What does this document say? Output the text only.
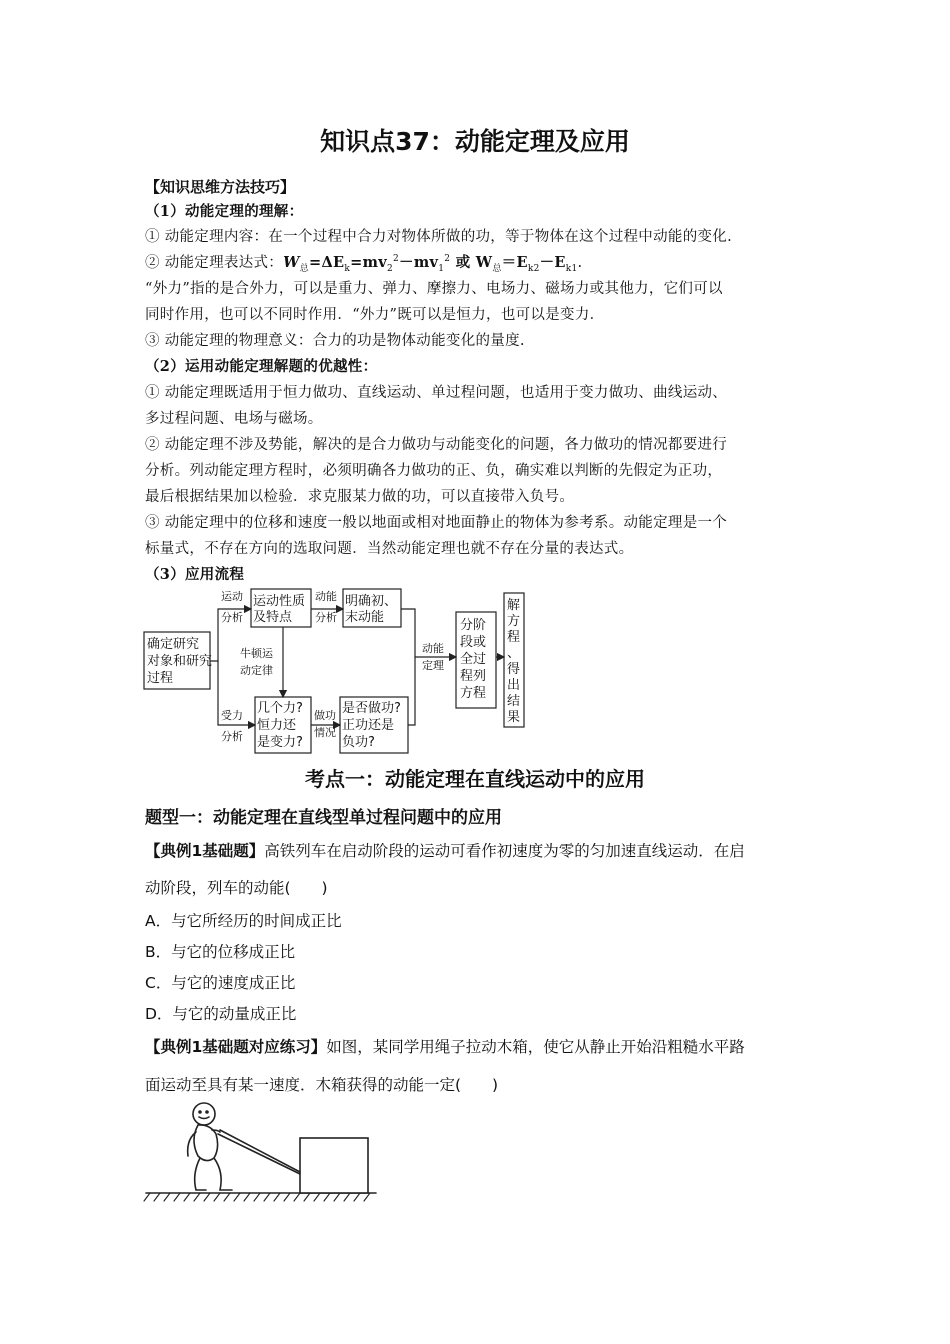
知识点37：动能定理及应用
【知识思维方法技巧】
（1）动能定理的理解：
① 动能定理内容：在一个过程中合力对物体所做的功，等于物体在这个过程中动能的变化.
② 动能定理表达式：$W_总=\Delta E_k=mv_2^2-mv_1^2$ 或 $W_总=E_{k2}-E_{k1}$.
“外力”指的是合外力，可以是重力、弹力、摩擦力、电场力、磁场力或其他力，它们可以
同时作用，也可以不同时作用．“外力”既可以是恒力，也可以是变力．
③ 动能定理的物理意义：合力的功是物体动能变化的量度.
（2）运用动能定理解题的优越性：
① 动能定理既适用于恒力做功、直线运动、单过程问题，也适用于变力做功、曲线运动、
多过程问题、电场与磁场。
② 动能定理不涉及势能，解决的是合力做功与动能变化的问题，各力做功的情况都要进行
分析。列动能定理方程时，必须明确各力做功的正、负，确实难以判断的先假定为正功，
最后根据结果加以检验．求克服某力做的功，可以直接带入负号。
③ 动能定理中的位移和速度一般以地面或相对地面静止的物体为参考系。动能定理是一个
标量式，不存在方向的选取问题．当然动能定理也就不存在分量的表达式。
（3）应用流程
确定研究
对象和研究
过程
运动性质
及特点
明确初、
末动能
几个力?
恒力还
是变力?
是否做功?
正功还是
负功?
分阶
段或
全过
程列
方程
解
方
程
、
得
出
结
果
运动
分析
动能
分析
牛顿运
动定律
受力
分析
做功
情况
动能
定理
考点一：动能定理在直线运动中的应用
题型一：动能定理在直线型单过程问题中的应用
【典例1基础题】高铁列车在启动阶段的运动可看作初速度为零的匀加速直线运动．在启
动阶段，列车的动能(　　)
A．与它所经历的时间成正比
B．与它的位移成正比
C．与它的速度成正比
D．与它的动量成正比
【典例1基础题对应练习】如图，某同学用绳子拉动木箱，使它从静止开始沿粗糙水平路
面运动至具有某一速度．木箱获得的动能一定(　　)
